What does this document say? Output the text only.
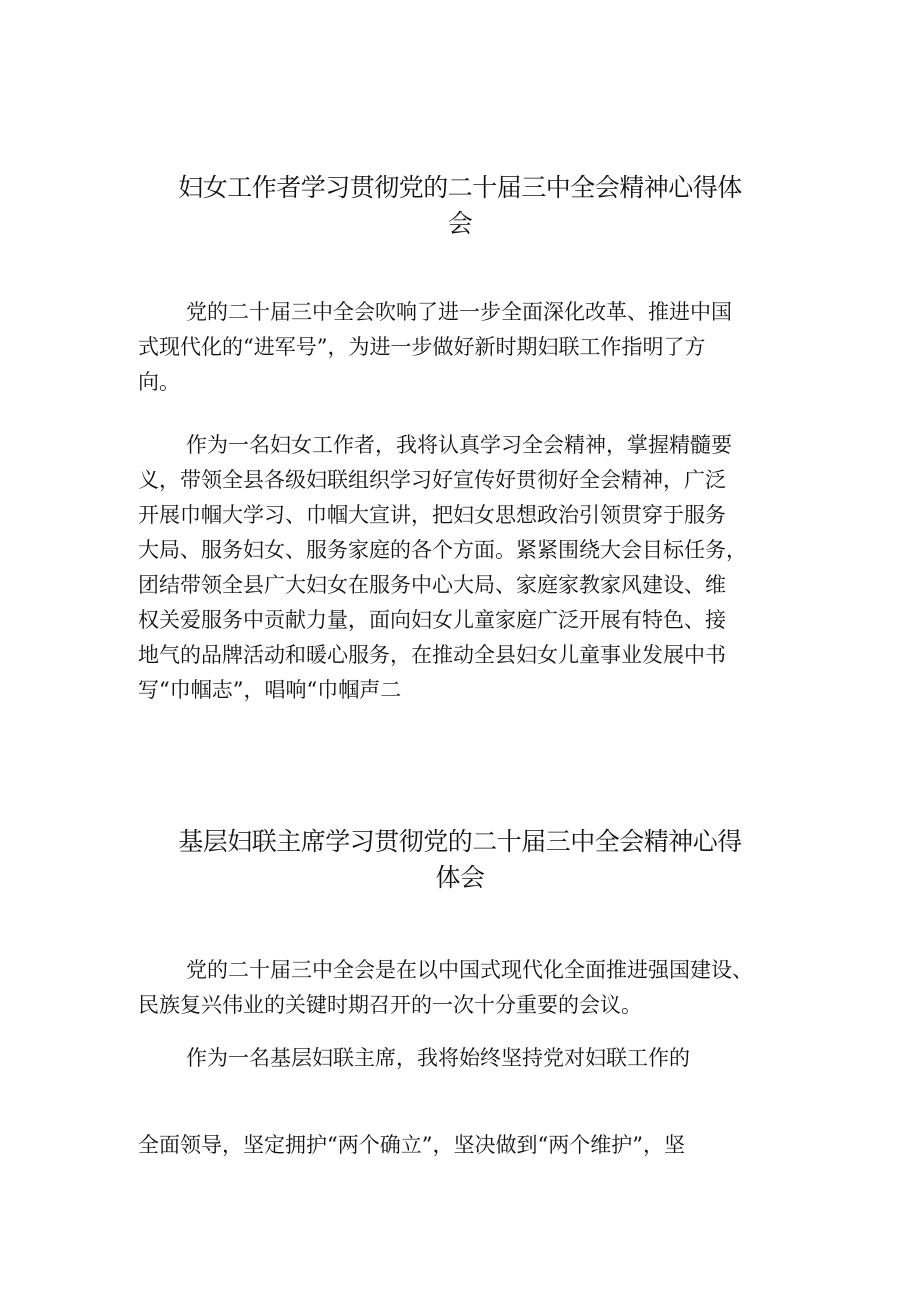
妇女工作者学习贯彻党的二十届三中全会精神心得体
会
党的二十届三中全会吹响了进一步全面深化改革、推进中国
式现代化的“进军号”，为进一步做好新时期妇联工作指明了方
向。
作为一名妇女工作者，我将认真学习全会精神，掌握精髓要
义，带领全县各级妇联组织学习好宣传好贯彻好全会精神，广泛
开展巾帼大学习、巾帼大宣讲，把妇女思想政治引领贯穿于服务
大局、服务妇女、服务家庭的各个方面。紧紧围绕大会目标任务，
团结带领全县广大妇女在服务中心大局、家庭家教家风建设、维
权关爱服务中贡献力量，面向妇女儿童家庭广泛开展有特色、接
地气的品牌活动和暖心服务，在推动全县妇女儿童事业发展中书
写“巾帼志”，唱响“巾帼声二
基层妇联主席学习贯彻党的二十届三中全会精神心得
体会
党的二十届三中全会是在以中国式现代化全面推进强国建设、
民族复兴伟业的关键时期召开的一次十分重要的会议。
作为一名基层妇联主席，我将始终坚持党对妇联工作的
全面领导，坚定拥护“两个确立”，坚决做到“两个维护”，坚
